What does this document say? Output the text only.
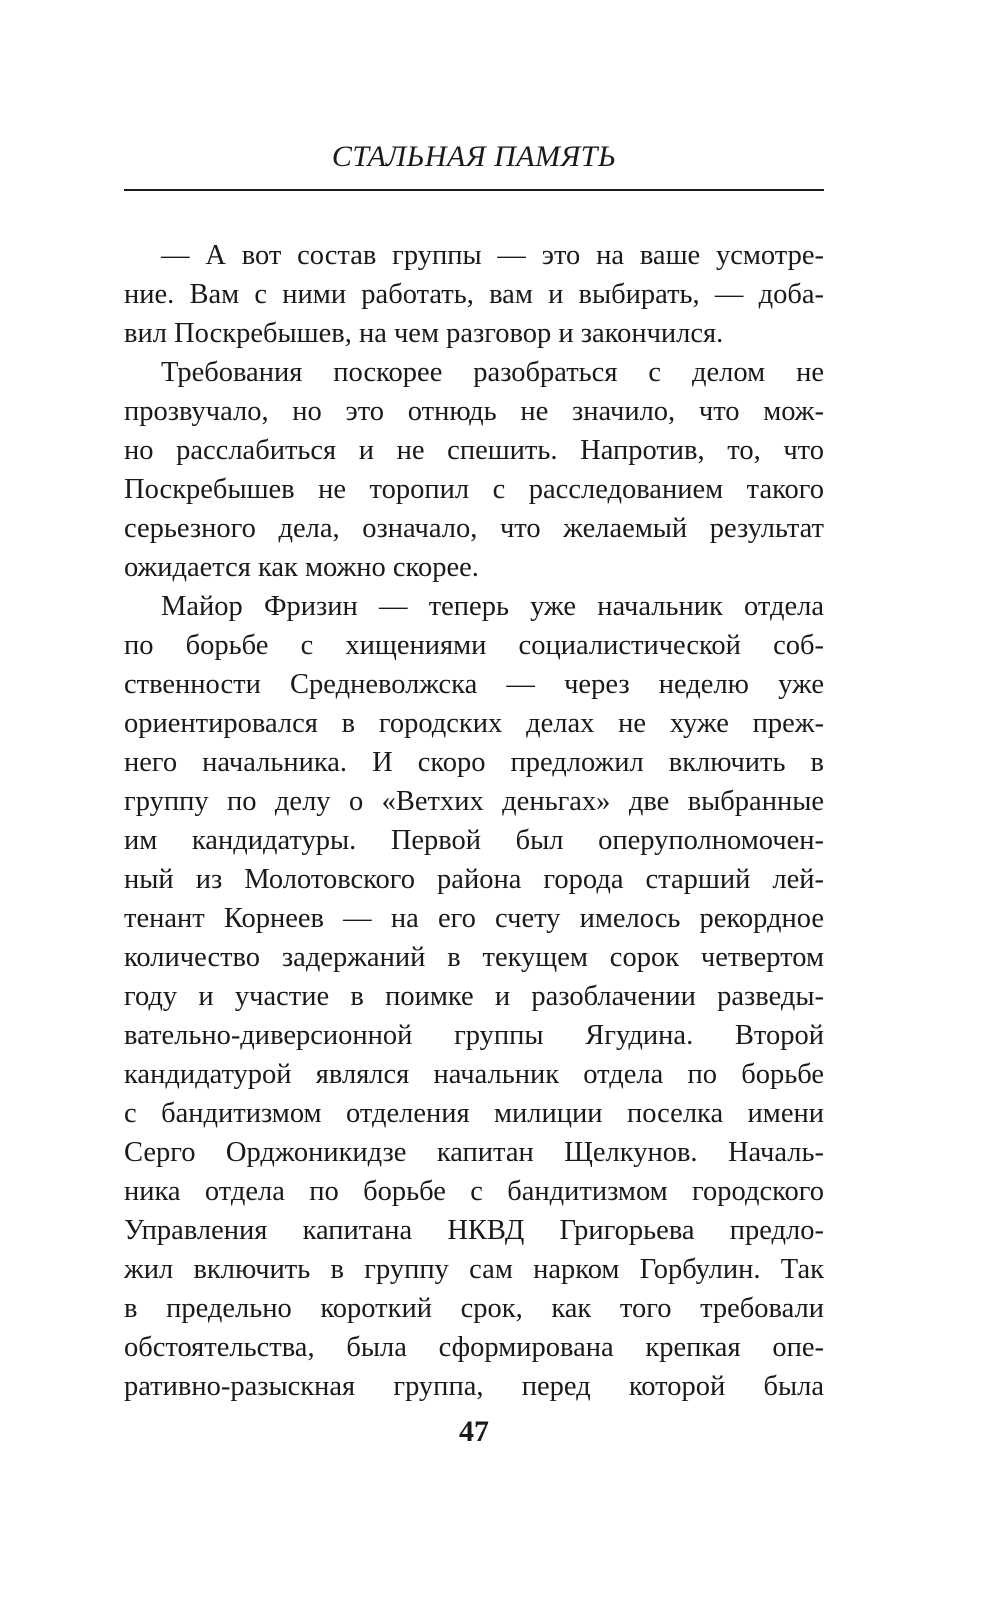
СТАЛЬНАЯ ПАМЯТЬ
— А вот состав группы — это на ваше усмотре-
ние. Вам с ними работать, вам и выбирать, — доба-
вил Поскребышев, на чем разговор и закончился.
Требования поскорее разобраться с делом не
прозвучало, но это отнюдь не значило, что мож-
но расслабиться и не спешить. Напротив, то, что
Поскребышев не торопил с расследованием такого
серьезного дела, означало, что желаемый результат
ожидается как можно скорее.
Майор Фризин — теперь уже начальник отдела
по борьбе с хищениями социалистической соб-
ственности Средневолжска — через неделю уже
ориентировался в городских делах не хуже преж-
него начальника. И скоро предложил включить в
группу по делу о «Ветхих деньгах» две выбранные
им кандидатуры. Первой был оперуполномочен-
ный из Молотовского района города старший лей-
тенант Корнеев — на его счету имелось рекордное
количество задержаний в текущем сорок четвертом
году и участие в поимке и разоблачении разведы-
вательно-диверсионной группы Ягудина. Второй
кандидатурой являлся начальник отдела по борьбе
с бандитизмом отделения милиции поселка имени
Серго Орджоникидзе капитан Щелкунов. Началь-
ника отдела по борьбе с бандитизмом городского
Управления капитана НКВД Григорьева предло-
жил включить в группу сам нарком Горбулин. Так
в предельно короткий срок, как того требовали
обстоятельства, была сформирована крепкая опе-
ративно-разыскная группа, перед которой была
47
